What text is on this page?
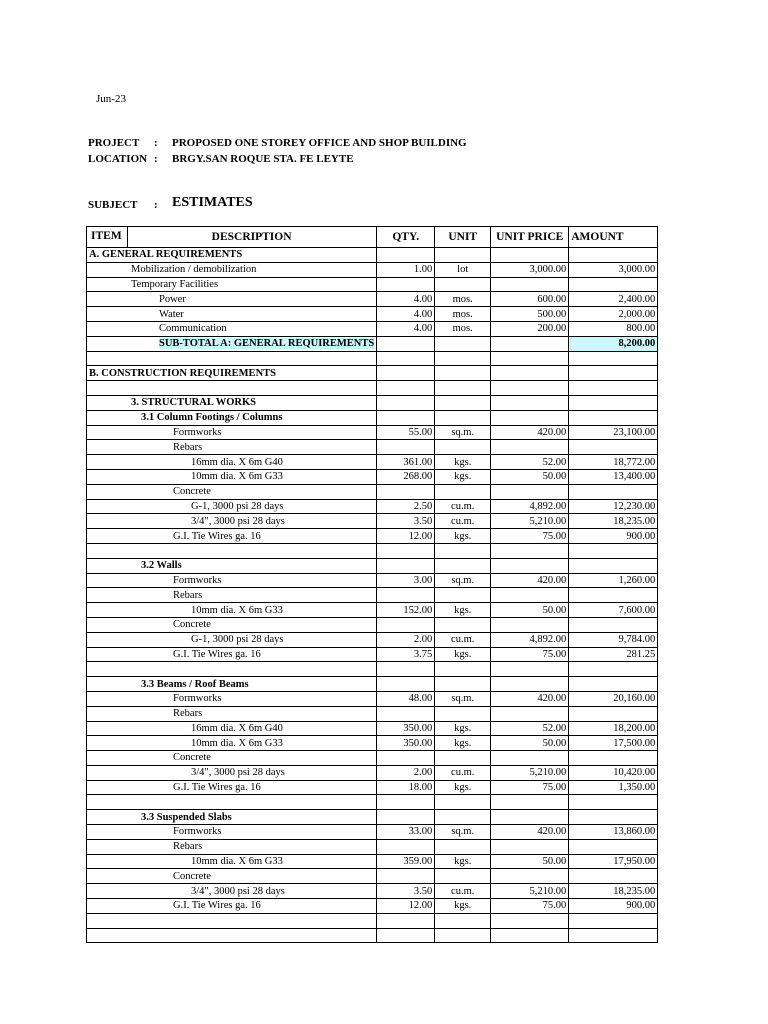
Jun-23
PROJECT : PROPOSED ONE STOREY OFFICE AND SHOP BUILDING
LOCATION : BRGY.SAN ROQUE STA. FE LEYTE
SUBJECT : ESTIMATES
ITEM DESCRIPTION	QTY.	UNIT	UNIT PRICE	AMOUNT
A. GENERAL REQUIREMENTS				
Mobilization / demobilization	1.00	lot	3,000.00	3,000.00
Temporary Facilities				
Power	4.00	mos.	600.00	2,400.00
Water	4.00	mos.	500.00	2,000.00
Communication	4.00	mos.	200.00	800.00
SUB-TOTAL A: GENERAL REQUIREMENTS				8,200.00

B. CONSTRUCTION REQUIREMENTS				

3. STRUCTURAL WORKS				
3.1 Column Footings / Columns				
Formworks	55.00	sq.m.	420.00	23,100.00
Rebars				
16mm dia. X 6m G40	361.00	kgs.	52.00	18,772.00
10mm dia. X 6m G33	268.00	kgs.	50.00	13,400.00
Concrete				
G-1, 3000 psi 28 days	2.50	cu.m.	4,892.00	12,230.00
3/4", 3000 psi 28 days	3.50	cu.m.	5,210.00	18,235.00
G.I. Tie Wires ga. 16	12.00	kgs.	75.00	900.00

3.2 Walls				
Formworks	3.00	sq.m.	420.00	1,260.00
Rebars				
10mm dia. X 6m G33	152.00	kgs.	50.00	7,600.00
Concrete				
G-1, 3000 psi 28 days	2.00	cu.m.	4,892.00	9,784.00
G.I. Tie Wires ga. 16	3.75	kgs.	75.00	281.25

3.3 Beams / Roof Beams				
Formworks	48.00	sq.m.	420.00	20,160.00
Rebars				
16mm dia. X 6m G40	350.00	kgs.	52.00	18,200.00
10mm dia. X 6m G33	350.00	kgs.	50.00	17,500.00
Concrete				
3/4", 3000 psi 28 days	2.00	cu.m.	5,210.00	10,420.00
G.I. Tie Wires ga. 16	18.00	kgs.	75.00	1,350.00

3.3 Suspended Slabs				
Formworks	33.00	sq.m.	420.00	13,860.00
Rebars				
10mm dia. X 6m G33	359.00	kgs.	50.00	17,950.00
Concrete				
3/4", 3000 psi 28 days	3.50	cu.m.	5,210.00	18,235.00
G.I. Tie Wires ga. 16	12.00	kgs.	75.00	900.00
